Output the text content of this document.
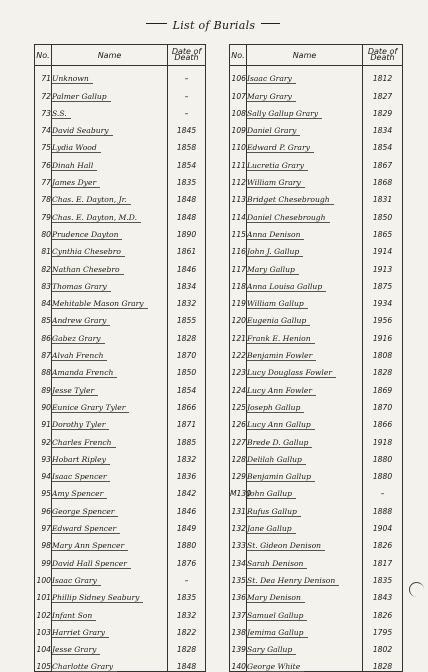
List of Burials
No.	Name	Date of Death
71	Unknown	–
72	Palmer Gallup	–
73	S.S.	–
74	David Seabury	1845
75	Lydia Wood	1858
76	Dinah Hall	1854
77	James Dyer	1835
78	Chas. E. Dayton, Jr.	1848
79	Chas. E. Dayton, M.D.	1848
80	Prudence Dayton	1890
81	Cynthia Chesebro	1861
82	Nathan Chesebro	1846
83	Thomas Grary	1834
84	Mehitable Mason Grary	1832
85	Andrew Grary	1855
86	Gabez Grary	1828
87	Alvah French	1870
88	Amanda French	1850
89	Jesse Tyler	1854
90	Eunice Grary Tyler	1866
91	Dorothy Tyler	1871
92	Charles French	1885
93	Hobart Ripley	1832
94	Isaac Spencer	1836
95	Amy Spencer	1842
96	George Spencer	1846
97	Edward Spencer	1849
98	Mary Ann Spencer	1880
99	David Hall Spencer	1876
100	Isaac Grary	–
101	Phillip Sidney Seabury	1835
102	Infant Son	1832
103	Harriet Grary	1822
104	Jesse Grary	1828
105	Charlotte Grary	1848
No.	Name	Date of Death
106	Isaac Grary	1812
107	Mary Grary	1827
108	Sally Gallup Grary	1829
109	Daniel Grary	1834
110	Edward P. Grary	1854
111	Lucretia Grary	1867
112	William Grary	1868
113	Bridget Chesebrough	1831
114	Daniel Chesebrough	1850
115	Anna Denison	1865
116	John J. Gallup	1914
117	Mary Gallup	1913
118	Anna Louisa Gallup	1875
119	William Gallup	1934
120	Eugenia Gallup	1956
121	Frank E. Henion	1916
122	Benjamin Fowler	1808
123	Lucy Douglass Fowler	1828
124	Lucy Ann Fowler	1869
125	Joseph Gallup	1870
126	Lucy Ann Gallup	1866
127	Brede D. Gallup	1918
128	Delilah Gallup	1880
129	Benjamin Gallup	1880
M130	John Gallup	–
131	Rufus Gallup	1888
132	Jane Gallup	1904
133	St. Gideon Denison	1826
134	Sarah Denison	1817
135	St. Dea Henry Denison	1835
136	Mary Denison	1843
137	Samuel Gallup	1826
138	Jemima Gallup	1795
139	Sary Gallup	1802
140	George White	1828
